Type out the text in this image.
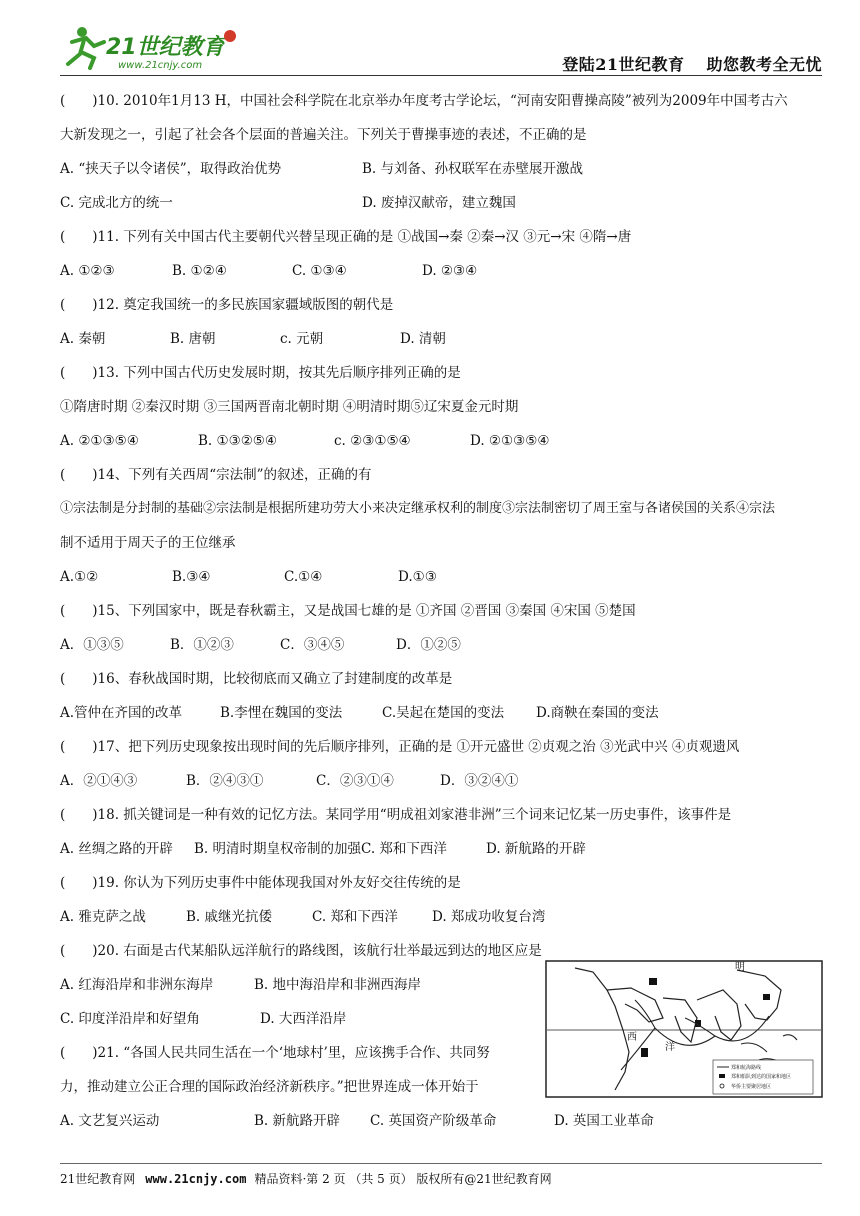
21世纪教育
www.21cnjy.com	登陆21世纪教育 助您教考全无忧
(　　)10. 2010年1月13 H，中国社会科学院在北京举办年度考古学论坛，“河南安阳曹操高陵”被列为2009年中国考古六
大新发现之一，引起了社会各个层面的普遍关注。下列关于曹操事迹的表述，不正确的是
A. “挟天子以令诸侯”，取得政治优势	B. 与刘备、孙权联军在赤壁展开激战
C. 完成北方的统一	D. 废掉汉献帝，建立魏国
(　　)11. 下列有关中国古代主要朝代兴替呈现正确的是 ①战国→秦 ②秦→汉 ③元→宋 ④隋→唐
A. ①②③	B. ①②④	C. ①③④	D. ②③④
(　　)12. 奠定我国统一的多民族国家疆域版图的朝代是
A. 秦朝	B. 唐朝	c. 元朝	D. 清朝
(　　)13. 下列中国古代历史发展时期，按其先后顺序排列正确的是
①隋唐时期 ②秦汉时期 ③三国两晋南北朝时期 ④明清时期⑤辽宋夏金元时期
A. ②①③⑤④	B. ①③②⑤④	c. ②③①⑤④	D. ②①③⑤④
(　　)14、下列有关西周“宗法制”的叙述，正确的有
①宗法制是分封制的基础②宗法制是根据所建功劳大小来决定继承权利的制度③宗法制密切了周王室与各诸侯国的关系④宗法
制不适用于周天子的王位继承
A.①②	B.③④	C.①④	D.①③
(　　)15、下列国家中，既是春秋霸主，又是战国七雄的是 ①齐国 ②晋国 ③秦国 ④宋国 ⑤楚国
A．①③⑤	B．①②③	C．③④⑤	D．①②⑤
(　　)16、春秋战国时期，比较彻底而又确立了封建制度的改革是
A.管仲在齐国的改革	B.李悝在魏国的变法	C.吴起在楚国的变法 D.商鞅在秦国的变法
(　　)17、把下列历史现象按出现时间的先后顺序排列，正确的是 ①开元盛世 ②贞观之治 ③光武中兴 ④贞观遗风
A．②①④③	B．②④③①	C．②③①④	D．③②④①
(　　)18. 抓关键词是一种有效的记忆方法。某同学用“明成祖刘家港非洲”三个词来记忆某一历史事件，该事件是
A. 丝绸之路的开辟 B. 明清时期皇权帝制的加强C. 郑和下西洋	D. 新航路的开辟
(　　)19. 你认为下列历史事件中能体现我国对外友好交往传统的是
A. 雅克萨之战	B. 戚继光抗倭	C. 郑和下西洋	D. 郑成功收复台湾
(　　)20. 右面是古代某船队远洋航行的路线图，该航行壮举最远到达的地区应是
A. 红海沿岸和非洲东海岸	B. 地中海沿岸和非洲西海岸
C. 印度洋沿岸和好望角	D. 大西洋沿岸
(　　)21. “各国人民共同生活在一个‘地球村’里，应该携手合作、共同努
力，推动建立公正合理的国际政治经济新秩序。”把世界连成一体开始于
A. 文艺复兴运动	B. 新航路开辟 C. 英国资产阶级革命	D. 英国工业革命
明
西
洋
郑和航海路线
郑和船队到达的国家和地区
华侨主要聚居地区
21世纪教育网 www.21cnjy.com 精品资料·第 2 页 （共 5 页） 版权所有@21世纪教育网
